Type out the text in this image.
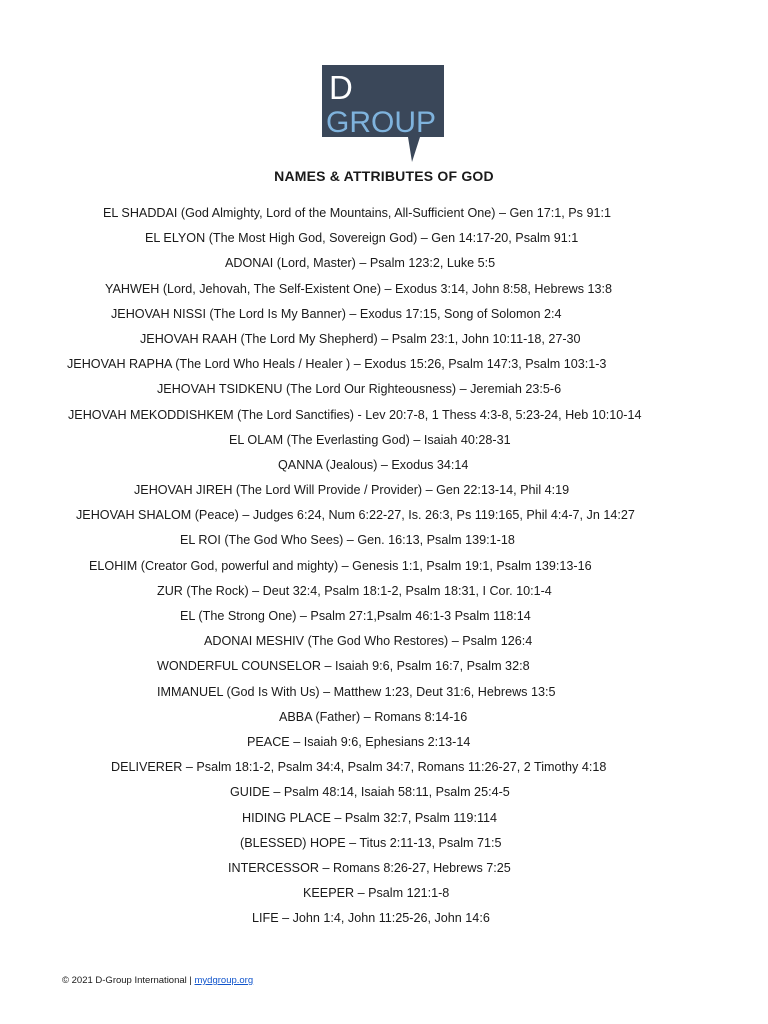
D
GROUP
NAMES & ATTRIBUTES OF GOD
EL SHADDAI (God Almighty, Lord of the Mountains, All-Sufficient One) – Gen 17:1, Ps 91:1
EL ELYON (The Most High God, Sovereign God) – Gen 14:17-20, Psalm 91:1
ADONAI (Lord, Master) – Psalm 123:2, Luke 5:5
YAHWEH (Lord, Jehovah, The Self-Existent One) – Exodus 3:14, John 8:58, Hebrews 13:8
JEHOVAH NISSI (The Lord Is My Banner) – Exodus 17:15, Song of Solomon 2:4
JEHOVAH RAAH (The Lord My Shepherd) – Psalm 23:1, John 10:11-18, 27-30
JEHOVAH RAPHA (The Lord Who Heals / Healer ) – Exodus 15:26, Psalm 147:3, Psalm 103:1-3
JEHOVAH TSIDKENU (The Lord Our Righteousness) – Jeremiah 23:5-6
JEHOVAH MEKODDISHKEM (The Lord Sanctifies) - Lev 20:7-8, 1 Thess 4:3-8, 5:23-24, Heb 10:10-14
EL OLAM (The Everlasting God) – Isaiah 40:28-31
QANNA (Jealous) – Exodus 34:14
JEHOVAH JIREH (The Lord Will Provide / Provider) – Gen 22:13-14, Phil 4:19
JEHOVAH SHALOM (Peace) – Judges 6:24, Num 6:22-27, Is. 26:3, Ps 119:165, Phil 4:4-7, Jn 14:27
EL ROI (The God Who Sees) – Gen. 16:13, Psalm 139:1-18
ELOHIM (Creator God, powerful and mighty) – Genesis 1:1, Psalm 19:1, Psalm 139:13-16
ZUR (The Rock) – Deut 32:4, Psalm 18:1-2, Psalm 18:31, I Cor. 10:1-4
EL (The Strong One) – Psalm 27:1,Psalm 46:1-3 Psalm 118:14
ADONAI MESHIV (The God Who Restores) – Psalm 126:4
WONDERFUL COUNSELOR – Isaiah 9:6, Psalm 16:7, Psalm 32:8
IMMANUEL (God Is With Us) – Matthew 1:23, Deut 31:6, Hebrews 13:5
ABBA (Father) – Romans 8:14-16
PEACE – Isaiah 9:6, Ephesians 2:13-14
DELIVERER – Psalm 18:1-2, Psalm 34:4, Psalm 34:7, Romans 11:26-27, 2 Timothy 4:18
GUIDE – Psalm 48:14, Isaiah 58:11, Psalm 25:4-5
HIDING PLACE – Psalm 32:7, Psalm 119:114
(BLESSED) HOPE – Titus 2:11-13, Psalm 71:5
INTERCESSOR – Romans 8:26-27, Hebrews 7:25
KEEPER – Psalm 121:1-8
LIFE – John 1:4, John 11:25-26, John 14:6
© 2021 D-Group International | mydgroup.org
